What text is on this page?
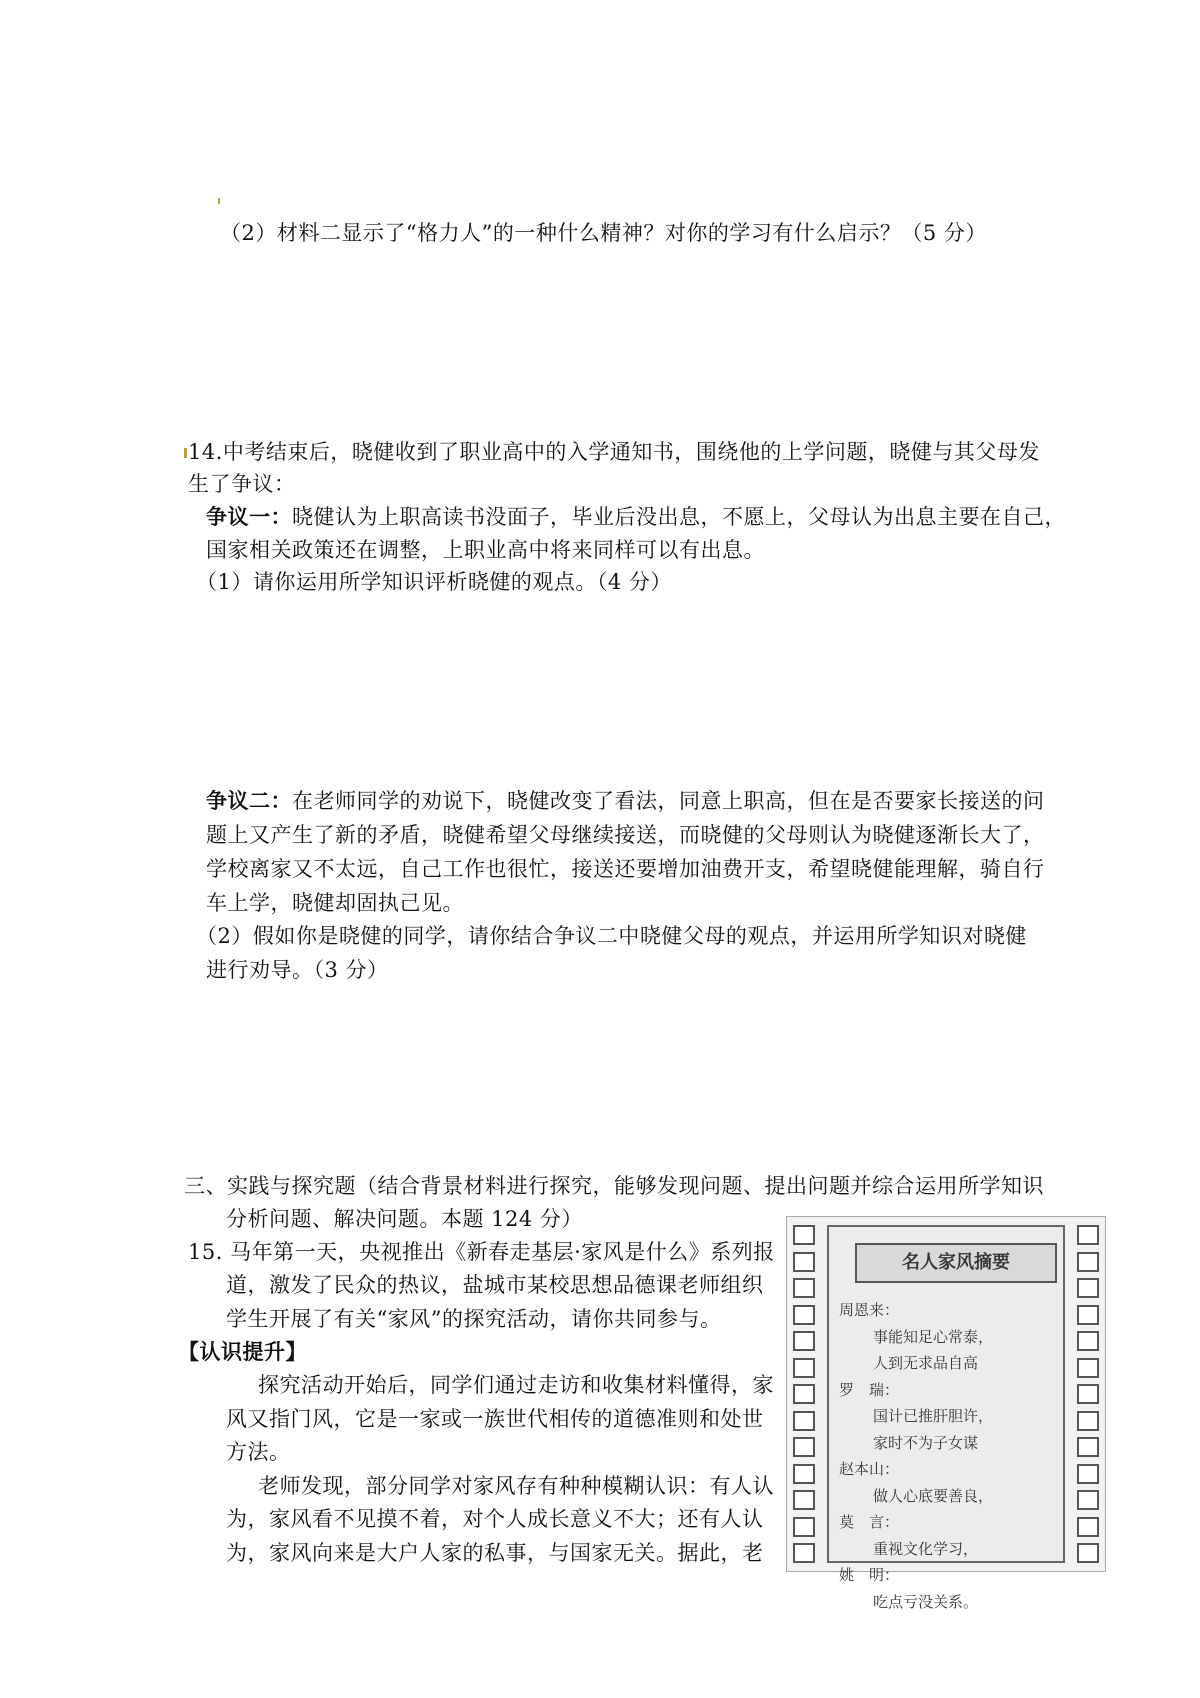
（2）材料二显示了“格力人”的一种什么精神？对你的学习有什么启示？（5 分）
14.中考结束后，晓健收到了职业高中的入学通知书，围绕他的上学问题，晓健与其父母发
生了争议：
争议一：晓健认为上职高读书没面子，毕业后没出息，不愿上，父母认为出息主要在自己，
国家相关政策还在调整，上职业高中将来同样可以有出息。
（1）请你运用所学知识评析晓健的观点。（4 分）
争议二：在老师同学的劝说下，晓健改变了看法，同意上职高，但在是否要家长接送的问
题上又产生了新的矛盾，晓健希望父母继续接送，而晓健的父母则认为晓健逐渐长大了，
学校离家又不太远，自己工作也很忙，接送还要增加油费开支，希望晓健能理解，骑自行
车上学，晓健却固执己见。
（2）假如你是晓健的同学，请你结合争议二中晓健父母的观点，并运用所学知识对晓健
进行劝导。（3 分）
三、实践与探究题（结合背景材料进行探究，能够发现问题、提出问题并综合运用所学知识
分析问题、解决问题。本题 124 分）
15. 马年第一天，央视推出《新春走基层·家风是什么》系列报
道，激发了民众的热议，盐城市某校思想品德课老师组织
学生开展了有关“家风”的探究活动，请你共同参与。
【认识提升】
探究活动开始后，同学们通过走访和收集材料懂得，家
风又指门风，它是一家或一族世代相传的道德准则和处世
方法。
老师发现，部分同学对家风存有种种模糊认识：有人认
为，家风看不见摸不着，对个人成长意义不大；还有人认
为，家风向来是大户人家的私事，与国家无关。据此，老
名人家风摘要
周恩来：
事能知足心常泰，
人到无求品自高
罗　瑞：
国计已推肝胆许，
家时不为子女谋
赵本山：
做人心底要善良，
莫　言：
重视文化学习，
姚　明：
吃点亏没关系。
